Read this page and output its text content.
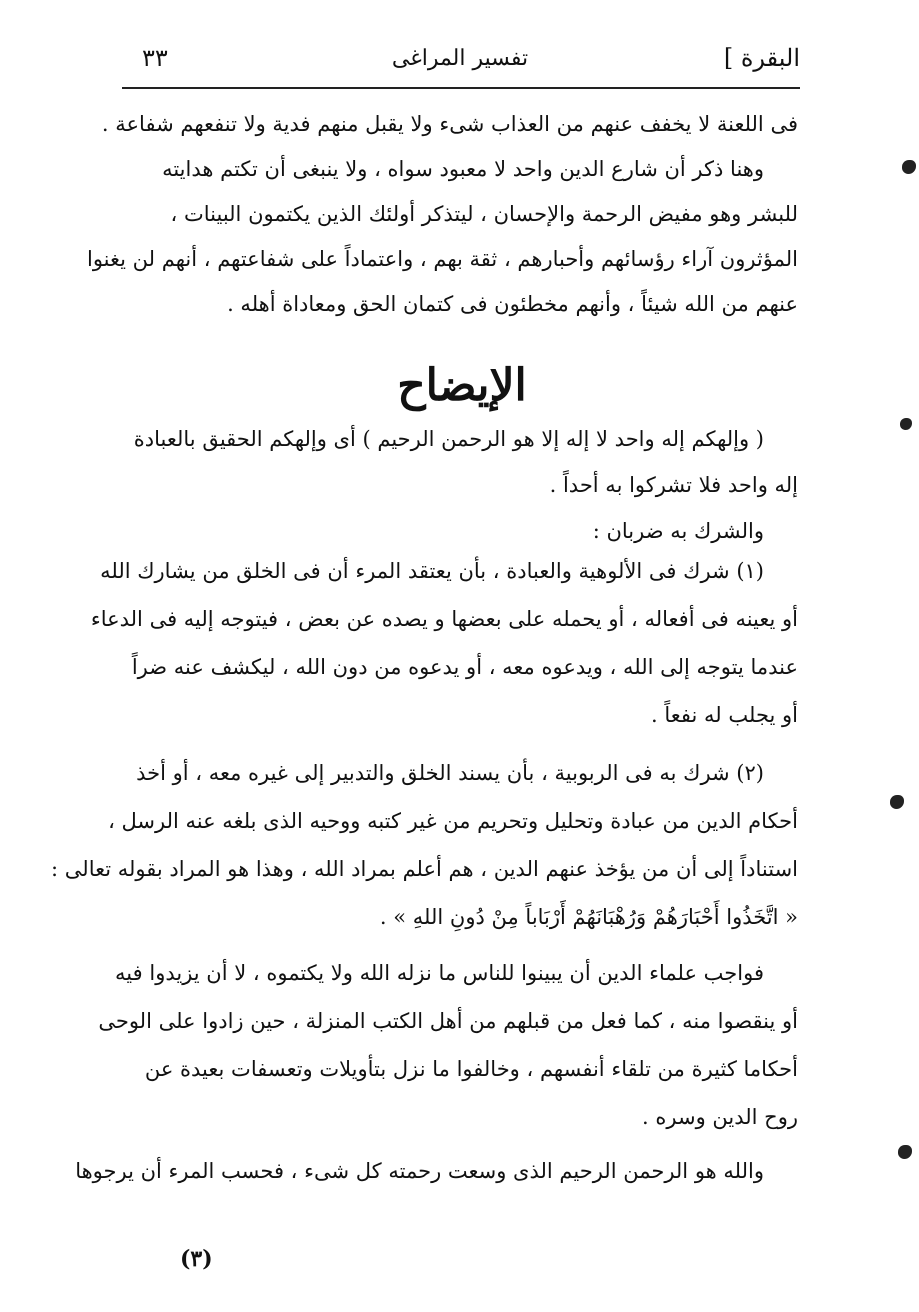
البقرة ]
تفسير المراغى
٣٣
فى اللعنة لا يخفف عنهم من العذاب شىء ولا يقبل منهم فدية ولا تنفعهم شفاعة .
وهنا ذكر أن شارع الدين واحد لا معبود سواه ، ولا ينبغى أن تكتم هدايته
للبشر وهو مفيض الرحمة والإحسان ، ليتذكر أولئك الذين يكتمون البينات ،
المؤثرون آراء رؤسائهم وأحبارهم ، ثقة بهم ، واعتماداً على شفاعتهم ، أنهم لن يغنوا
عنهم من الله شيئاً ، وأنهم مخطئون فى كتمان الحق ومعاداة أهله .
الإيضاح
( وإلهكم إله واحد لا إله إلا هو الرحمن الرحيم ) أى وإلهكم الحقيق بالعبادة
إله واحد فلا تشركوا به أحداً .
والشرك به ضربان :
(١) شرك فى الألوهية والعبادة ، بأن يعتقد المرء أن فى الخلق من يشارك الله
أو يعينه فى أفعاله ، أو يحمله على بعضها و يصده عن بعض ، فيتوجه إليه فى الدعاء
عندما يتوجه إلى الله ، ويدعوه معه ، أو يدعوه من دون الله ، ليكشف عنه ضراً
أو يجلب له نفعاً .
(٢) شرك به فى الربوبية ، بأن يسند الخلق والتدبير إلى غيره معه ، أو أخذ
أحكام الدين من عبادة وتحليل وتحريم من غير كتبه ووحيه الذى بلغه عنه الرسل ،
استناداً إلى أن من يؤخذ عنهم الدين ، هم أعلم بمراد الله ، وهذا هو المراد بقوله تعالى :
« اتَّخَذُوا أَحْبَارَهُمْ وَرُهْبَانَهُمْ أَرْبَاباً مِنْ دُونِ اللهِ » .
فواجب علماء الدين أن يبينوا للناس ما نزله الله ولا يكتموه ، لا أن يزيدوا فيه
أو ينقصوا منه ، كما فعل من قبلهم من أهل الكتب المنزلة ، حين زادوا على الوحى
أحكاما كثيرة من تلقاء أنفسهم ، وخالفوا ما نزل بتأويلات وتعسفات بعيدة عن
روح الدين وسره .
والله هو الرحمن الرحيم الذى وسعت رحمته كل شىء ، فحسب المرء أن يرجوها
(٣)
